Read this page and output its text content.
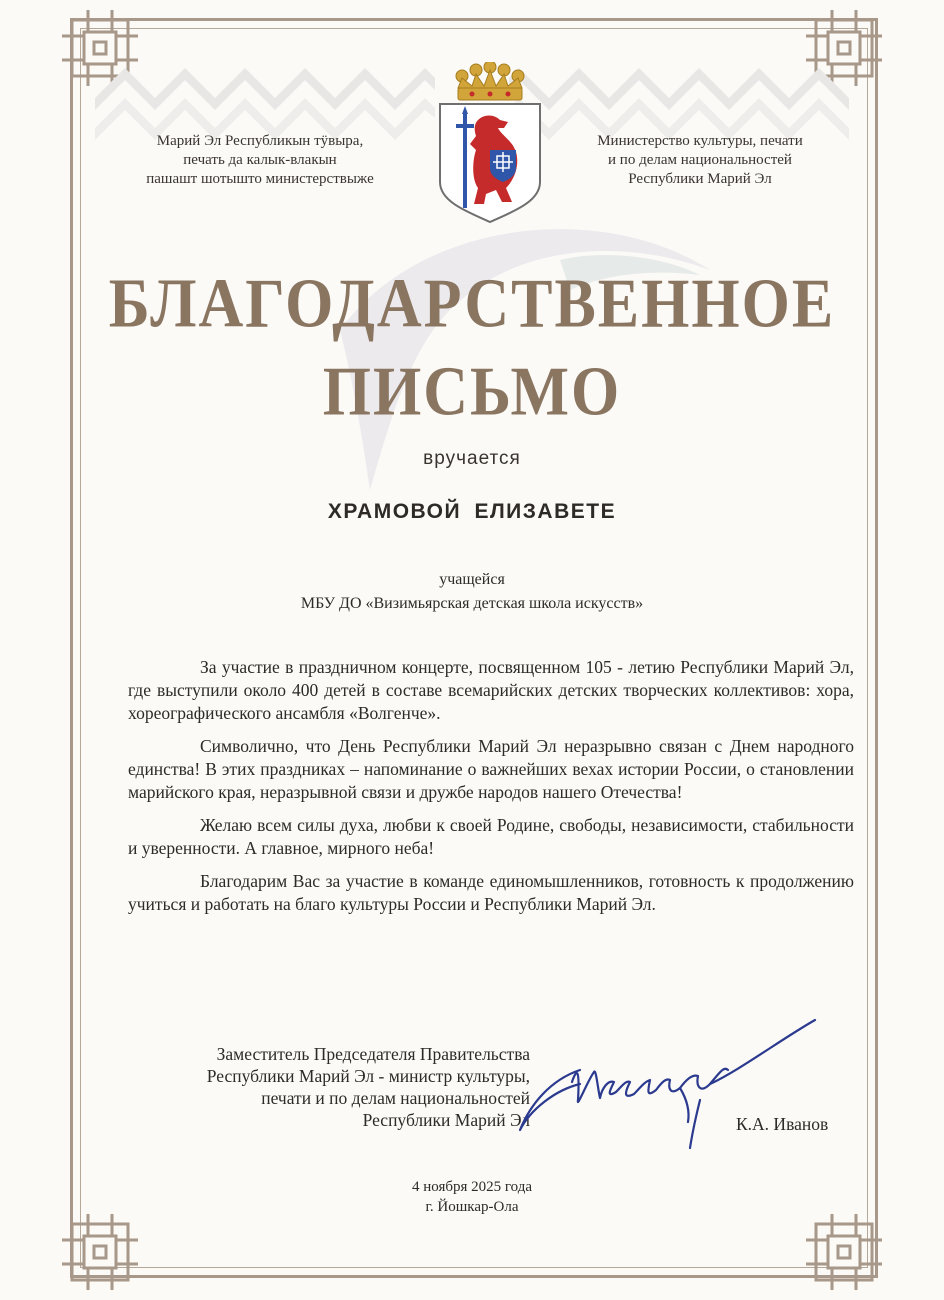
Марий Эл Республикын тӱвыра,
печать да калык-влакын
пашашт шотышто министерствыже
Министерство культуры, печати
и по делам национальностей
Республики Марий Эл
БЛАГОДАРСТВЕННОЕ
ПИСЬМО
вручается
ХРАМОВОЙ ЕЛИЗАВЕТЕ
учащейся
МБУ ДО «Визимьярская детская школа искусств»

За участие в праздничном концерте, посвященном 105 - летию Республики Марий Эл, где выступили около 400 детей в составе всемарийских детских творческих коллективов: хора, хореографического ансамбля «Волгенче».

Символично, что День Республики Марий Эл неразрывно связан с Днем народного единства! В этих праздниках – напоминание о важнейших вехах истории России, о становлении марийского края, неразрывной связи и дружбе народов нашего Отечества!

Желаю всем силы духа, любви к своей Родине, свободы, независимости, стабильности и уверенности. А главное, мирного неба!

Благодарим Вас за участие в команде единомышленников, готовность к продолжению учиться и работать на благо культуры России и Республики Марий Эл.

Заместитель Председателя Правительства
Республики Марий Эл - министр культуры,
печати и по делам национальностей
Республики Марий Эл	К.А. Иванов
4 ноября 2025 года
г. Йошкар-Ола
